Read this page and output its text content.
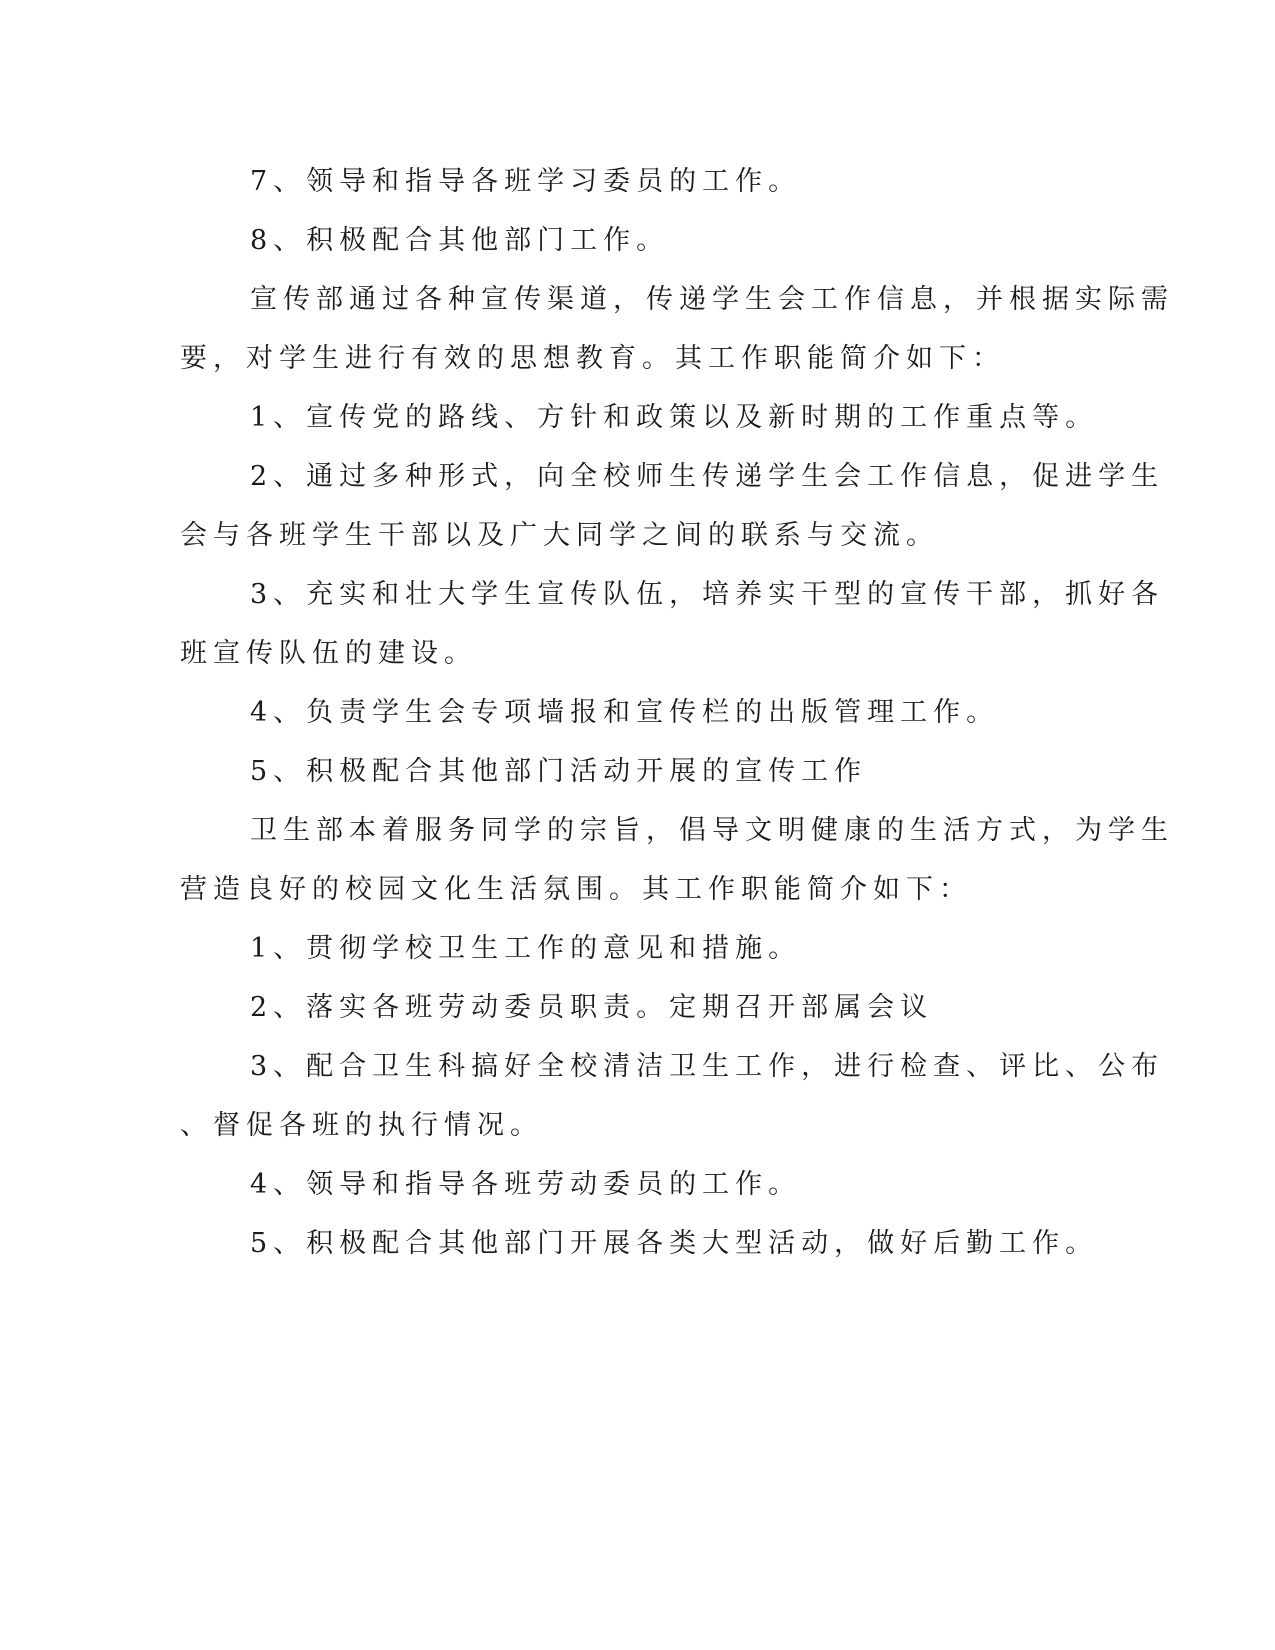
7、领导和指导各班学习委员的工作。
8、积极配合其他部门工作。
宣传部通过各种宣传渠道，传递学生会工作信息，并根据实际需
要，对学生进行有效的思想教育。其工作职能简介如下：
1、宣传党的路线、方针和政策以及新时期的工作重点等。
2、通过多种形式，向全校师生传递学生会工作信息，促进学生
会与各班学生干部以及广大同学之间的联系与交流。
3、充实和壮大学生宣传队伍，培养实干型的宣传干部，抓好各
班宣传队伍的建设。
4、负责学生会专项墙报和宣传栏的出版管理工作。
5、积极配合其他部门活动开展的宣传工作
卫生部本着服务同学的宗旨，倡导文明健康的生活方式，为学生
营造良好的校园文化生活氛围。其工作职能简介如下：
1、贯彻学校卫生工作的意见和措施。
2、落实各班劳动委员职责。定期召开部属会议
3、配合卫生科搞好全校清洁卫生工作，进行检查、评比、公布
、督促各班的执行情况。
4、领导和指导各班劳动委员的工作。
5、积极配合其他部门开展各类大型活动，做好后勤工作。
